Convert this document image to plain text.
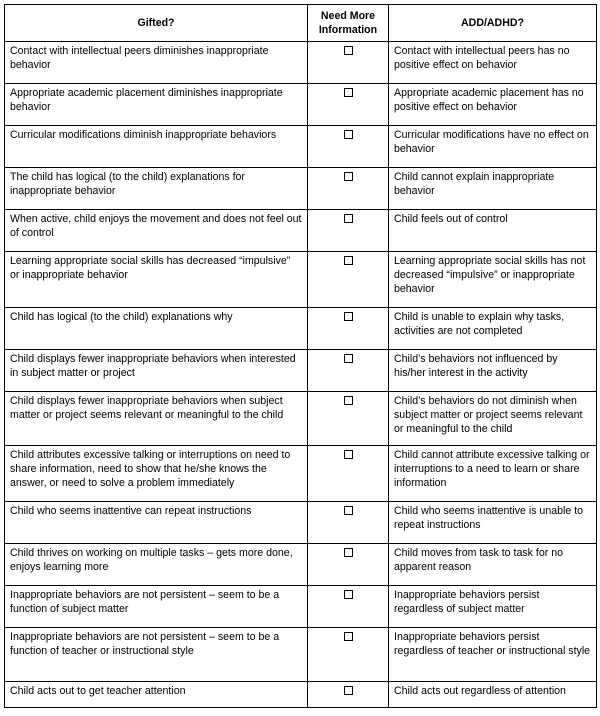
Gifted?	Need More Information	ADD/ADHD?
Contact with intellectual peers diminishes inappropriate behavior		Contact with intellectual peers has no positive effect on behavior
Appropriate academic placement diminishes inappropriate behavior		Appropriate academic placement has no positive effect on behavior
Curricular modifications diminish inappropriate behaviors		Curricular modifications have no effect on behavior
The child has logical (to the child) explanations for inappropriate behavior		Child cannot explain inappropriate behavior
When active, child enjoys the movement and does not feel out of control		Child feels out of control
Learning appropriate social skills has decreased “impulsive” or inappropriate behavior		Learning appropriate social skills has not decreased “impulsive” or inappropriate behavior
Child has logical (to the child) explanations why		Child is unable to explain why tasks, activities are not completed
Child displays fewer inappropriate behaviors when interested in subject matter or project		Child’s behaviors not influenced by his/her interest in the activity
Child displays fewer inappropriate behaviors when subject matter or project seems relevant or meaningful to the child		Child’s behaviors do not diminish when subject matter or project seems relevant or meaningful to the child
Child attributes excessive talking or interruptions on need to share information, need to show that he/she knows the answer, or need to solve a problem immediately		Child cannot attribute excessive talking or interruptions to a need to learn or share information
Child who seems inattentive can repeat instructions		Child who seems inattentive is unable to repeat instructions
Child thrives on working on multiple tasks – gets more done, enjoys learning more		Child moves from task to task for no apparent reason
Inappropriate behaviors are not persistent – seem to be a function of subject matter		Inappropriate behaviors persist regardless of subject matter
Inappropriate behaviors are not persistent – seem to be a function of teacher or instructional style		Inappropriate behaviors persist regardless of teacher or instructional style
Child acts out to get teacher attention		Child acts out regardless of attention
